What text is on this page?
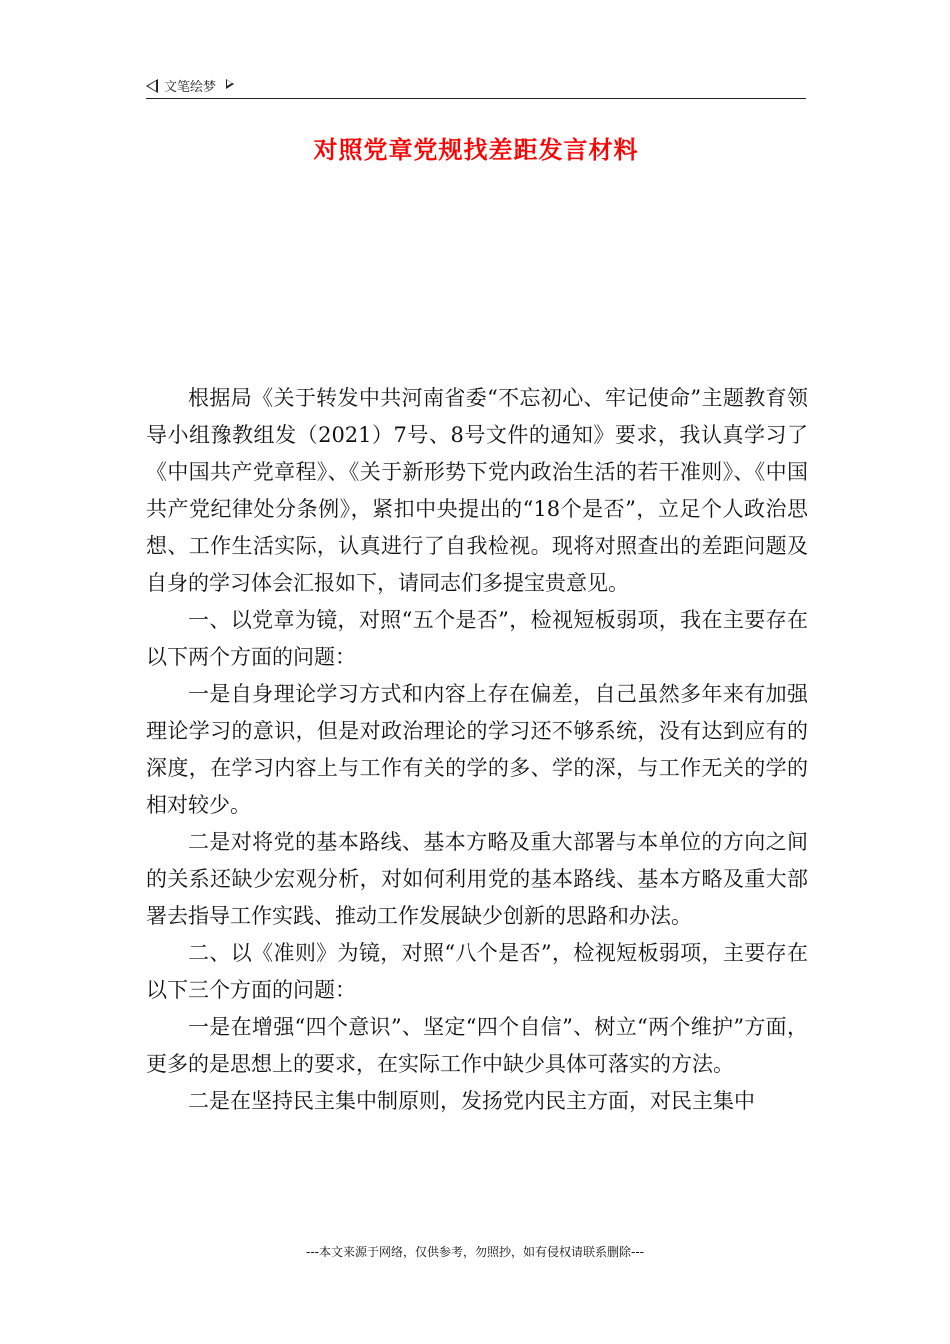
文笔绘梦
对照党章党规找差距发言材料

根据局《关于转发中共河南省委“不忘初心、牢记使命”主题教育领导小组豫教组发（2021）7号、8号文件的通知》要求，我认真学习了《中国共产党章程》、《关于新形势下党内政治生活的若干准则》、《中国共产党纪律处分条例》，紧扣中央提出的“18个是否”，立足个人政治思想、工作生活实际，认真进行了自我检视。现将对照查出的差距问题及自身的学习体会汇报如下，请同志们多提宝贵意见。

一、以党章为镜，对照“五个是否”，检视短板弱项，我在主要存在以下两个方面的问题：

一是自身理论学习方式和内容上存在偏差，自己虽然多年来有加强理论学习的意识，但是对政治理论的学习还不够系统，没有达到应有的深度，在学习内容上与工作有关的学的多、学的深，与工作无关的学的相对较少。

二是对将党的基本路线、基本方略及重大部署与本单位的方向之间的关系还缺少宏观分析，对如何利用党的基本路线、基本方略及重大部署去指导工作实践、推动工作发展缺少创新的思路和办法。

二、以《准则》为镜，对照“八个是否”，检视短板弱项，主要存在以下三个方面的问题：

一是在增强“四个意识”、坚定“四个自信”、树立“两个维护”方面，更多的是思想上的要求，在实际工作中缺少具体可落实的方法。

二是在坚持民主集中制原则，发扬党内民主方面，对民主集中

---本文来源于网络，仅供参考，勿照抄，如有侵权请联系删除---
